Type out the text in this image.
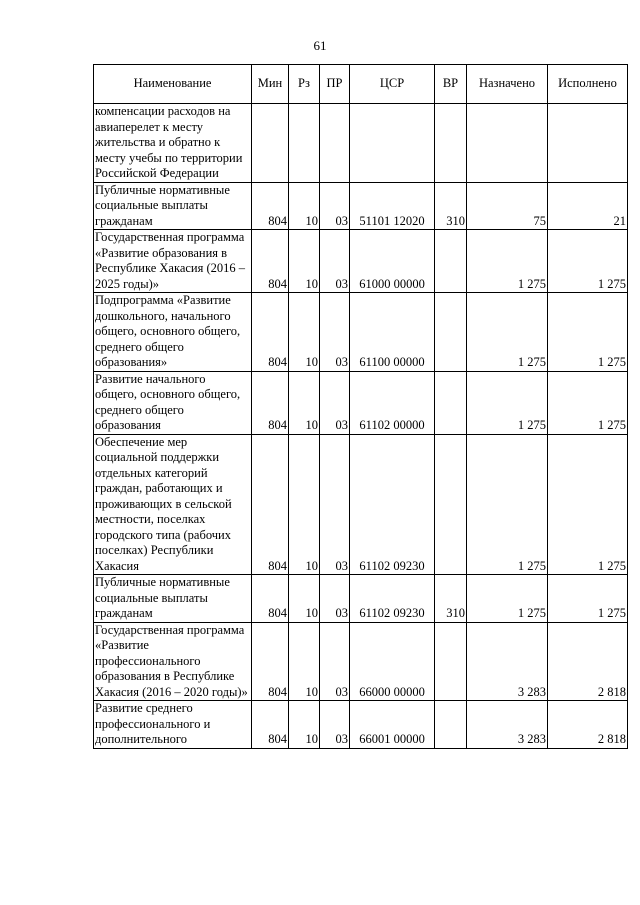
61
Наименование	Мин	Рз	ПР	ЦСР	ВР	Назначено	Исполнено
компенсации расходов на авиаперелет к месту жительства и обратно к месту учебы по территории Российской Федерации							
Публичные нормативные социальные выплаты гражданам	804	10	03	51101 12020	310	75	21
Государственная программа «Развитие образования в Республике Хакасия (2016 – 2025 годы)»	804	10	03	61000 00000		1 275	1 275
Подпрограмма «Развитие дошкольного, начального общего, основного общего, среднего общего образования»	804	10	03	61100 00000		1 275	1 275
Развитие начального общего, основного общего, среднего общего образования	804	10	03	61102 00000		1 275	1 275
Обеспечение мер социальной поддержки отдельных категорий граждан, работающих и проживающих в сельской местности, поселках городского типа (рабочих поселках) Республики Хакасия	804	10	03	61102 09230		1 275	1 275
Публичные нормативные социальные выплаты гражданам	804	10	03	61102 09230	310	1 275	1 275
Государственная программа «Развитие профессионального образования в Республике Хакасия (2016 – 2020 годы)»	804	10	03	66000 00000		3 283	2 818
Развитие среднего профессионального и дополнительного	804	10	03	66001 00000		3 283	2 818
